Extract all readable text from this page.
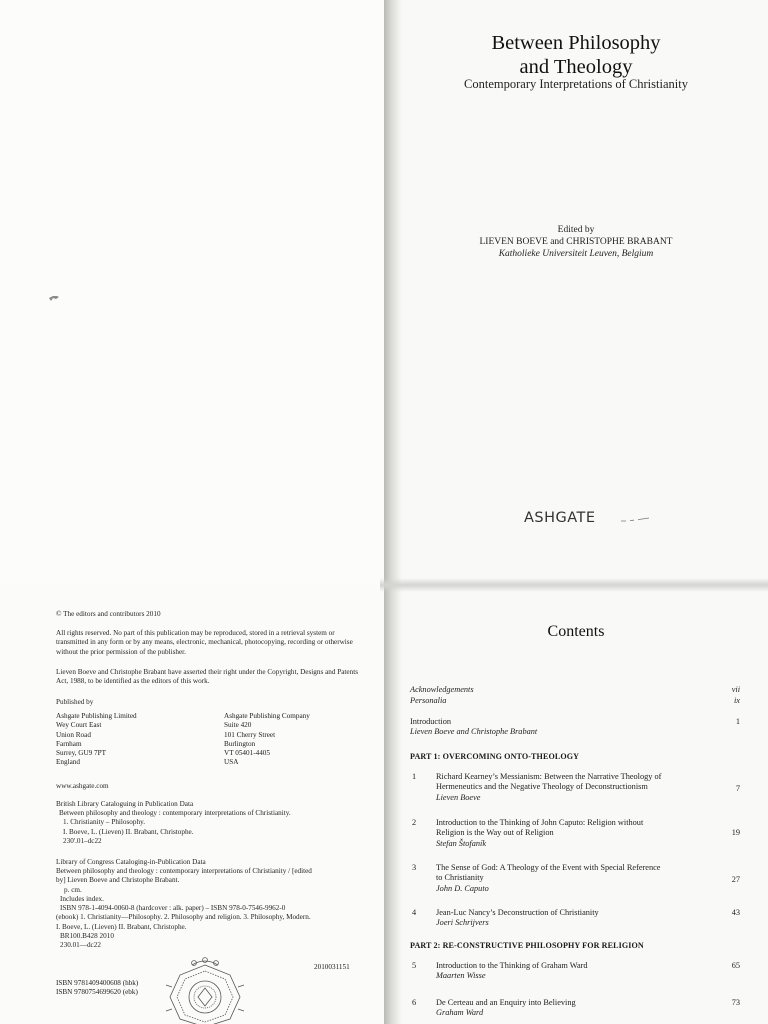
Between Philosophy
and Theology
Contemporary Interpretations of Christianity
Edited by
LIEVEN BOEVE and CHRISTOPHE BRABANT
Katholieke Universiteit Leuven, Belgium
ASHGATE
© The editors and contributors 2010
All rights reserved. No part of this publication may be reproduced, stored in a retrieval system or transmitted in any form or by any means, electronic, mechanical, photocopying, recording or otherwise without the prior permission of the publisher.
Lieven Boeve and Christophe Brabant have asserted their right under the Copyright, Designs and Patents Act, 1988, to be identified as the editors of this work.
Published by
Ashgate Publishing Limited
Wey Court East
Union Road
Farnham
Surrey, GU9 7PT
England
Ashgate Publishing Company
Suite 420
101 Cherry Street
Burlington
VT 05401-4405
USA
www.ashgate.com
British Library Cataloguing in Publication Data
Between philosophy and theology : contemporary interpretations of Christianity.
1. Christianity – Philosophy.
I. Boeve, L. (Lieven) II. Brabant, Christophe.
230'.01–dc22
Library of Congress Cataloging-in-Publication Data
Between philosophy and theology : contemporary interpretations of Christianity / [edited
by] Lieven Boeve and Christophe Brabant.
p. cm.
Includes index.
ISBN 978-1-4094-0060-8 (hardcover : alk. paper) – ISBN 978-0-7546-9962-0
(ebook) 1. Christianity—Philosophy. 2. Philosophy and religion. 3. Philosophy, Modern.
I. Boeve, L. (Lieven) II. Brabant, Christophe.
BR100.B428 2010
230.01—dc22
2010031151
ISBN 9781409400608 (hbk)
ISBN 9780754699620 (ebk)
Contents
Acknowledgements	vii
Personalia	ix
Introduction
Lieven Boeve and Christophe Brabant
1
PART 1: OVERCOMING ONTO-THEOLOGY
1 Richard Kearney’s Messianism: Between the Narrative Theology of
Hermeneutics and the Negative Theology of Deconstructionism
Lieven Boeve
7
2 Introduction to the Thinking of John Caputo: Religion without
Religion is the Way out of Religion
Stefan Štofaník
19
3 The Sense of God: A Theology of the Event with Special Reference
to Christianity
John D. Caputo
27
4 Jean-Luc Nancy’s Deconstruction of Christianity
Joeri Schrijvers
43
PART 2: RE-CONSTRUCTIVE PHILOSOPHY FOR RELIGION
5 Introduction to the Thinking of Graham Ward
Maarten Wisse
65
6 De Certeau and an Enquiry into Believing
Graham Ward
73
